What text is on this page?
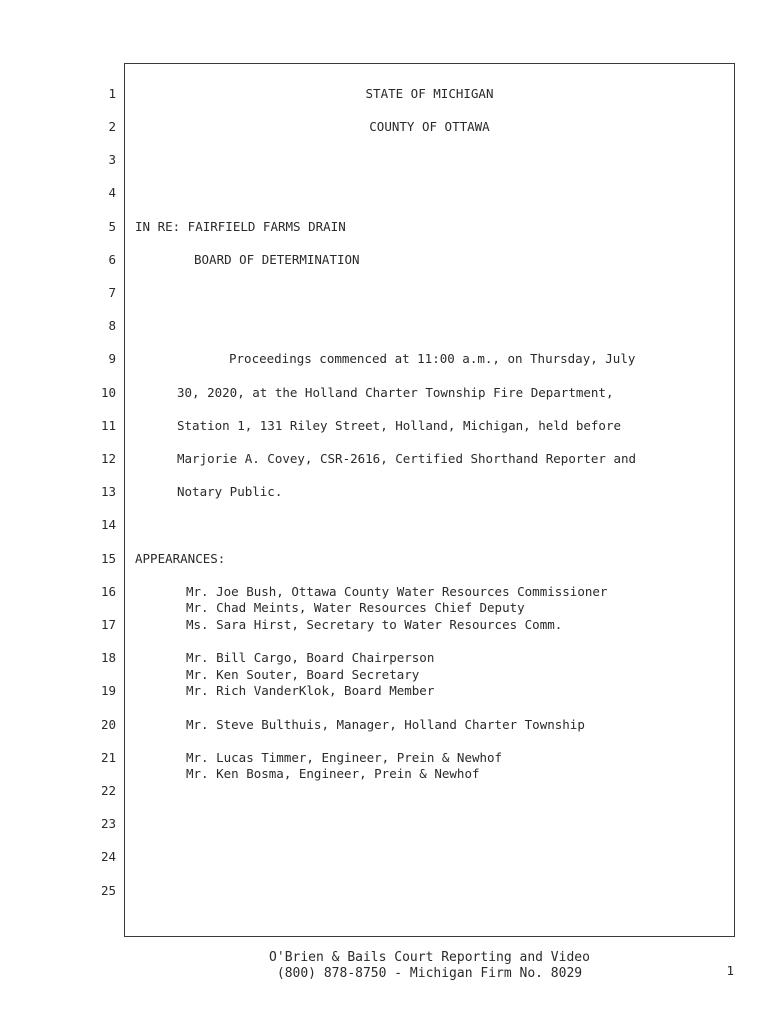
1
2
3
4
5
6
7
8
9
10
11
12
13
14
15
16
17
18
19
20
21
22
23
24
25
STATE OF MICHIGAN
COUNTY OF OTTAWA
IN RE: FAIRFIELD FARMS DRAIN
BOARD OF DETERMINATION
Proceedings commenced at 11:00 a.m., on Thursday, July
30, 2020, at the Holland Charter Township Fire Department,
Station 1, 131 Riley Street, Holland, Michigan, held before
Marjorie A. Covey, CSR-2616, Certified Shorthand Reporter and
Notary Public.
APPEARANCES:
Mr. Joe Bush, Ottawa County Water Resources Commissioner
Mr. Chad Meints, Water Resources Chief Deputy
Ms. Sara Hirst, Secretary to Water Resources Comm.
Mr. Bill Cargo, Board Chairperson
Mr. Ken Souter, Board Secretary
Mr. Rich VanderKlok, Board Member
Mr. Steve Bulthuis, Manager, Holland Charter Township
Mr. Lucas Timmer, Engineer, Prein & Newhof
Mr. Ken Bosma, Engineer, Prein & Newhof
O'Brien & Bails Court Reporting and Video
(800) 878-8750 - Michigan Firm No. 8029	1
